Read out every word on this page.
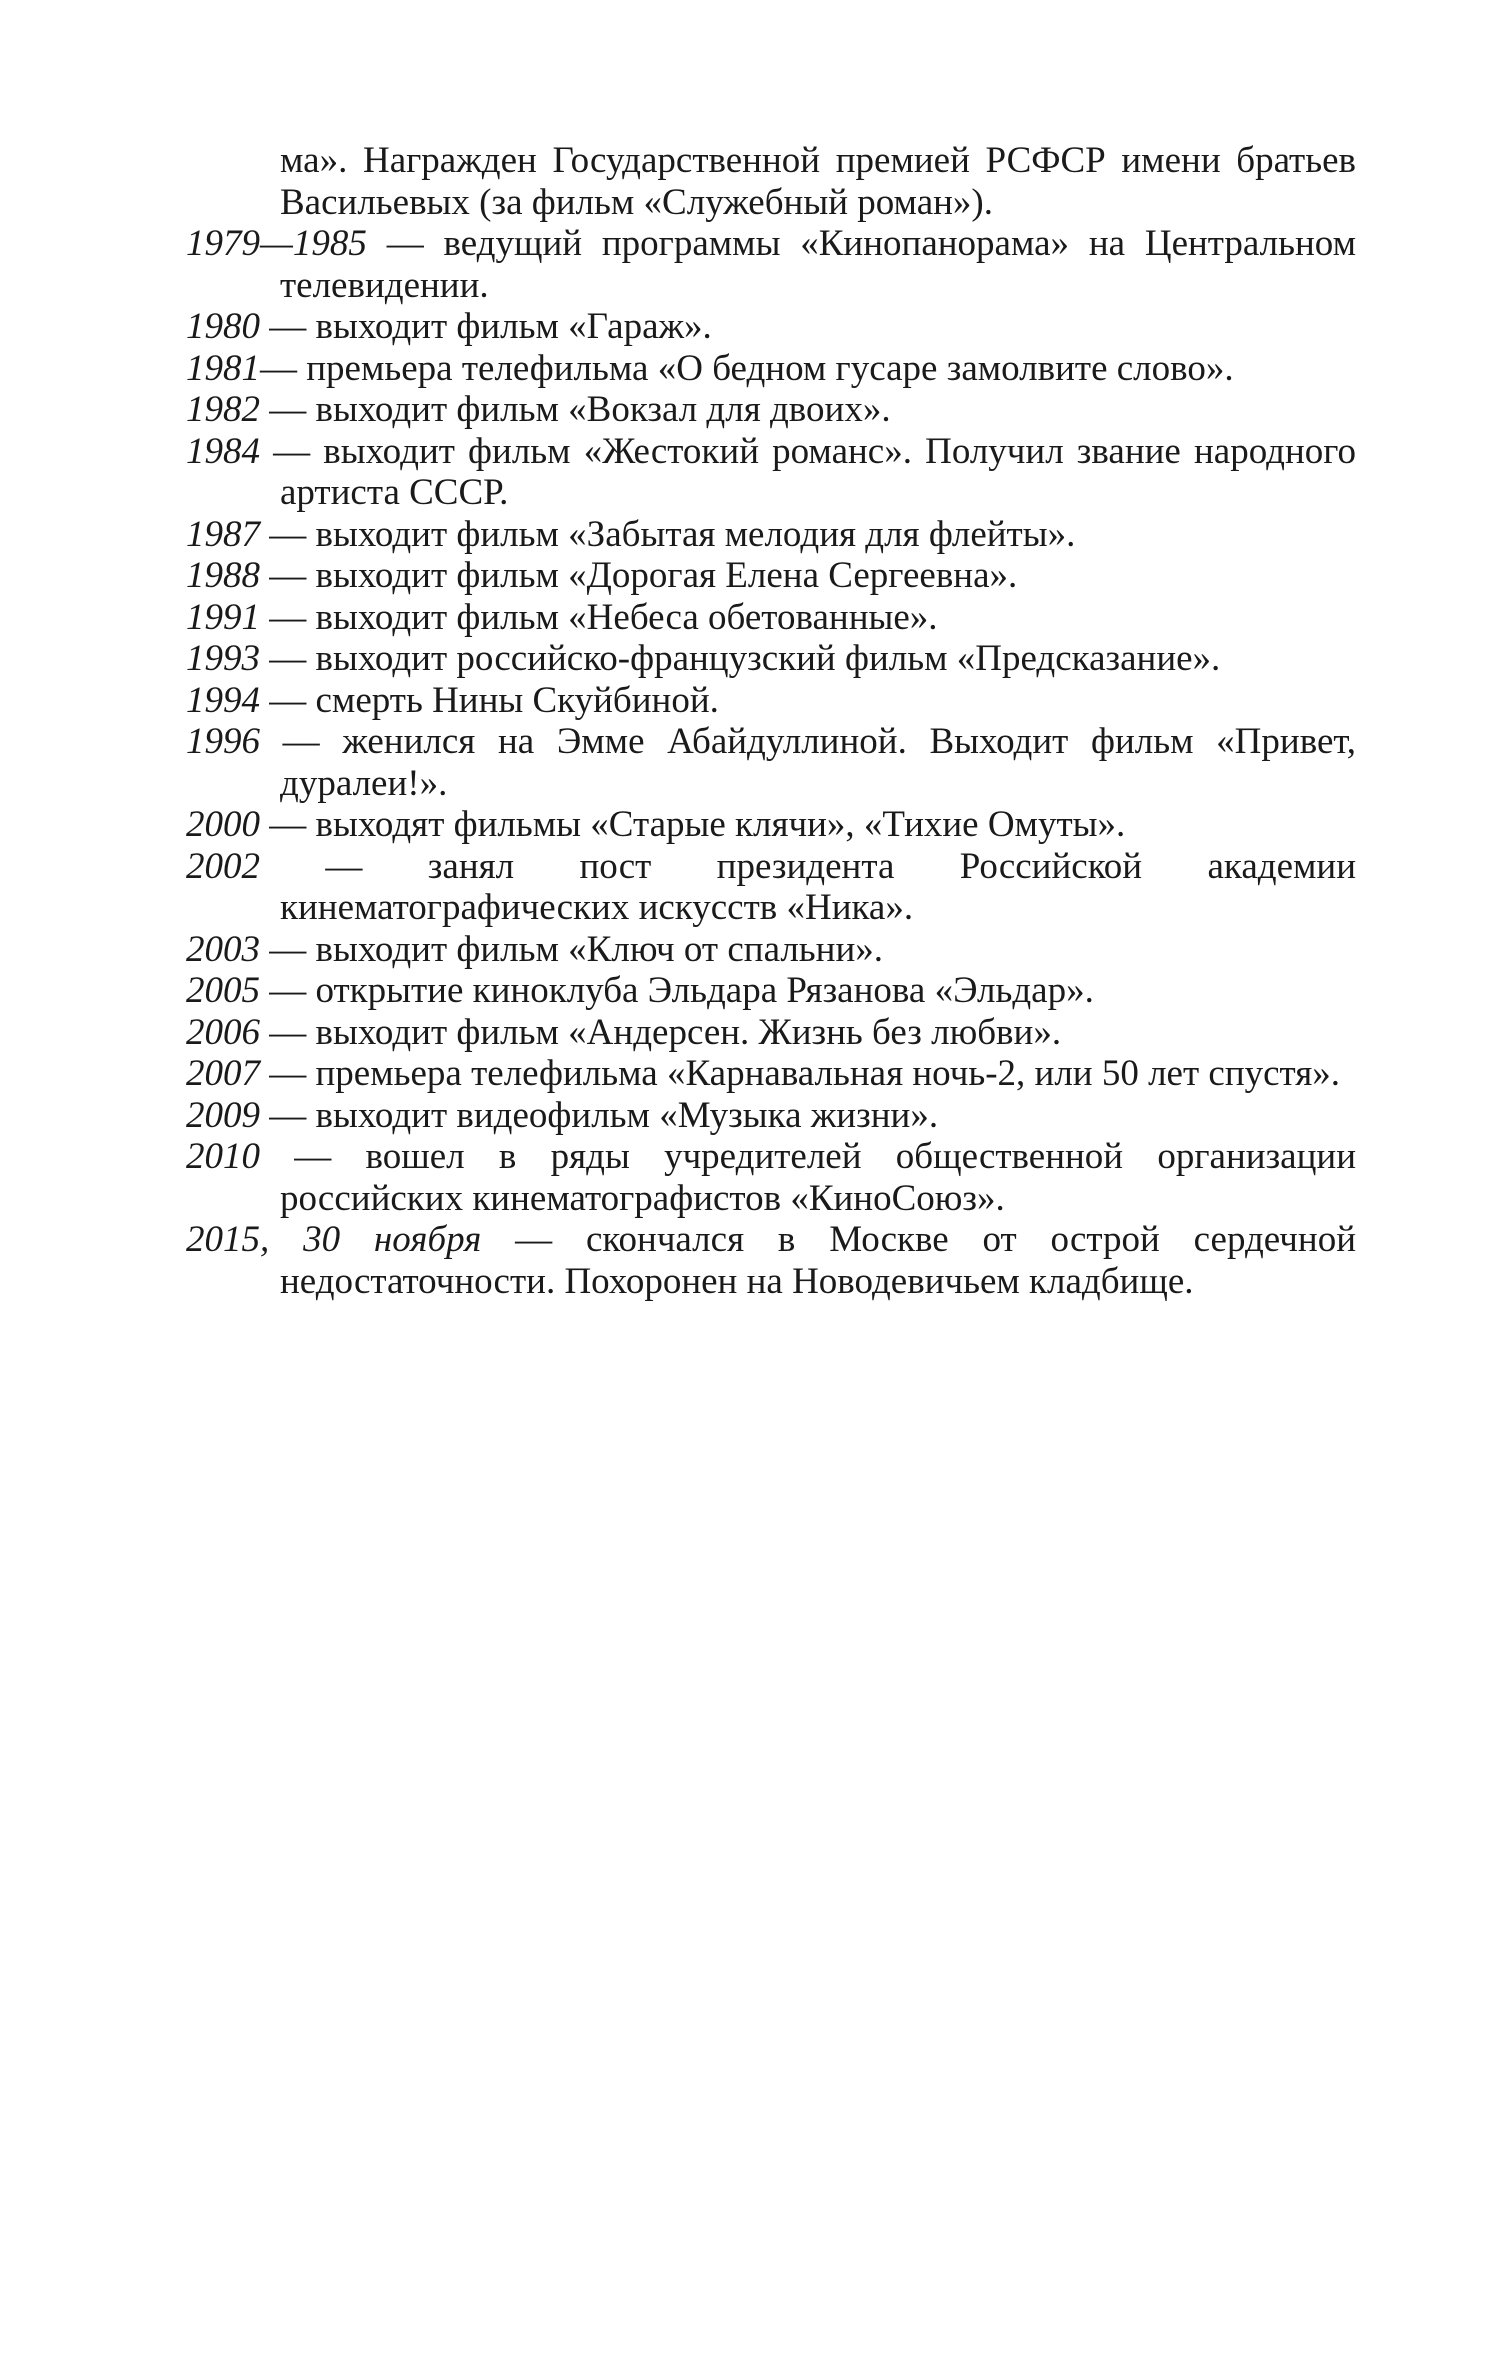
ма». Награжден Государственной премией РСФСР имени братьев Васильевых (за фильм «Служебный роман»).

1979—1985 — ведущий программы «Кинопанорама» на Центральном телевидении.

1980 — выходит фильм «Гараж».

1981— премьера телефильма «О бедном гусаре замолвите слово».

1982 — выходит фильм «Вокзал для двоих».

1984 — выходит фильм «Жестокий романс». Получил звание народного артиста СССР.

1987 — выходит фильм «Забытая мелодия для флейты».

1988 — выходит фильм «Дорогая Елена Сергеевна».

1991 — выходит фильм «Небеса обетованные».

1993 — выходит российско-французский фильм «Предсказание».

1994 — смерть Нины Скуйбиной.

1996 — женился на Эмме Абайдуллиной. Выходит фильм «Привет, дуралеи!».

2000 — выходят фильмы «Старые клячи», «Тихие Омуты».

2002 — занял пост президента Российской академии кинематографических искусств «Ника».

2003 — выходит фильм «Ключ от спальни».

2005 — открытие киноклуба Эльдара Рязанова «Эльдар».

2006 — выходит фильм «Андерсен. Жизнь без любви».

2007 — премьера телефильма «Карнавальная ночь-2, или 50 лет спустя».

2009 — выходит видеофильм «Музыка жизни».

2010 — вошел в ряды учредителей общественной организации российских кинематографистов «КиноСоюз».

2015, 30 ноября — скончался в Москве от острой сердечной недостаточности. Похоронен на Новодевичьем кладбище.
